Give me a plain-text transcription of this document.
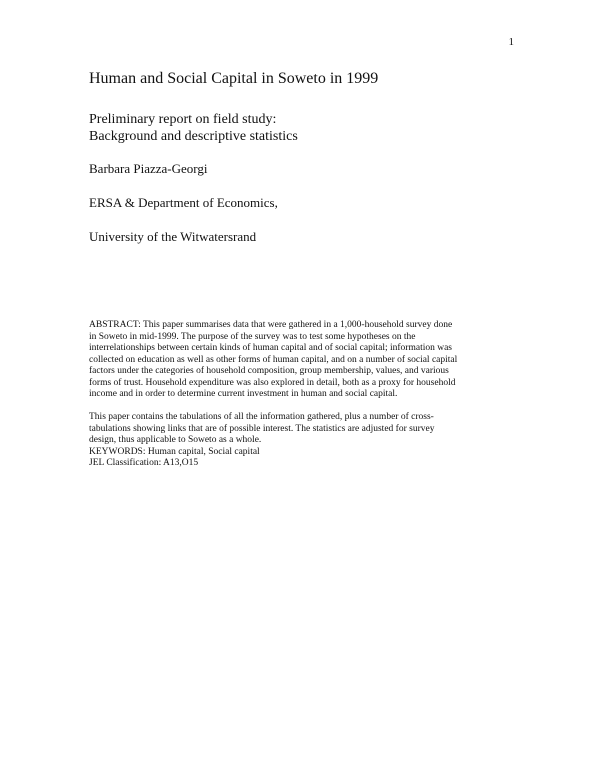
1
Human and Social Capital in Soweto in 1999
Preliminary report on field study:
Background and descriptive statistics
Barbara Piazza-Georgi
ERSA & Department of Economics,
University of the Witwatersrand
ABSTRACT: This paper summarises data that were gathered in a 1,000-household survey done
in Soweto in mid-1999. The purpose of the survey was to test some hypotheses on the
interrelationships between certain kinds of human capital and of social capital; information was
collected on education as well as other forms of human capital, and on a number of social capital
factors under the categories of household composition, group membership, values, and various
forms of trust. Household expenditure was also explored in detail, both as a proxy for household
income and in order to determine current investment in human and social capital.
This paper contains the tabulations of all the information gathered, plus a number of cross-
tabulations showing links that are of possible interest. The statistics are adjusted for survey
design, thus applicable to Soweto as a whole.
KEYWORDS: Human capital, Social capital
JEL Classification: A13,O15
